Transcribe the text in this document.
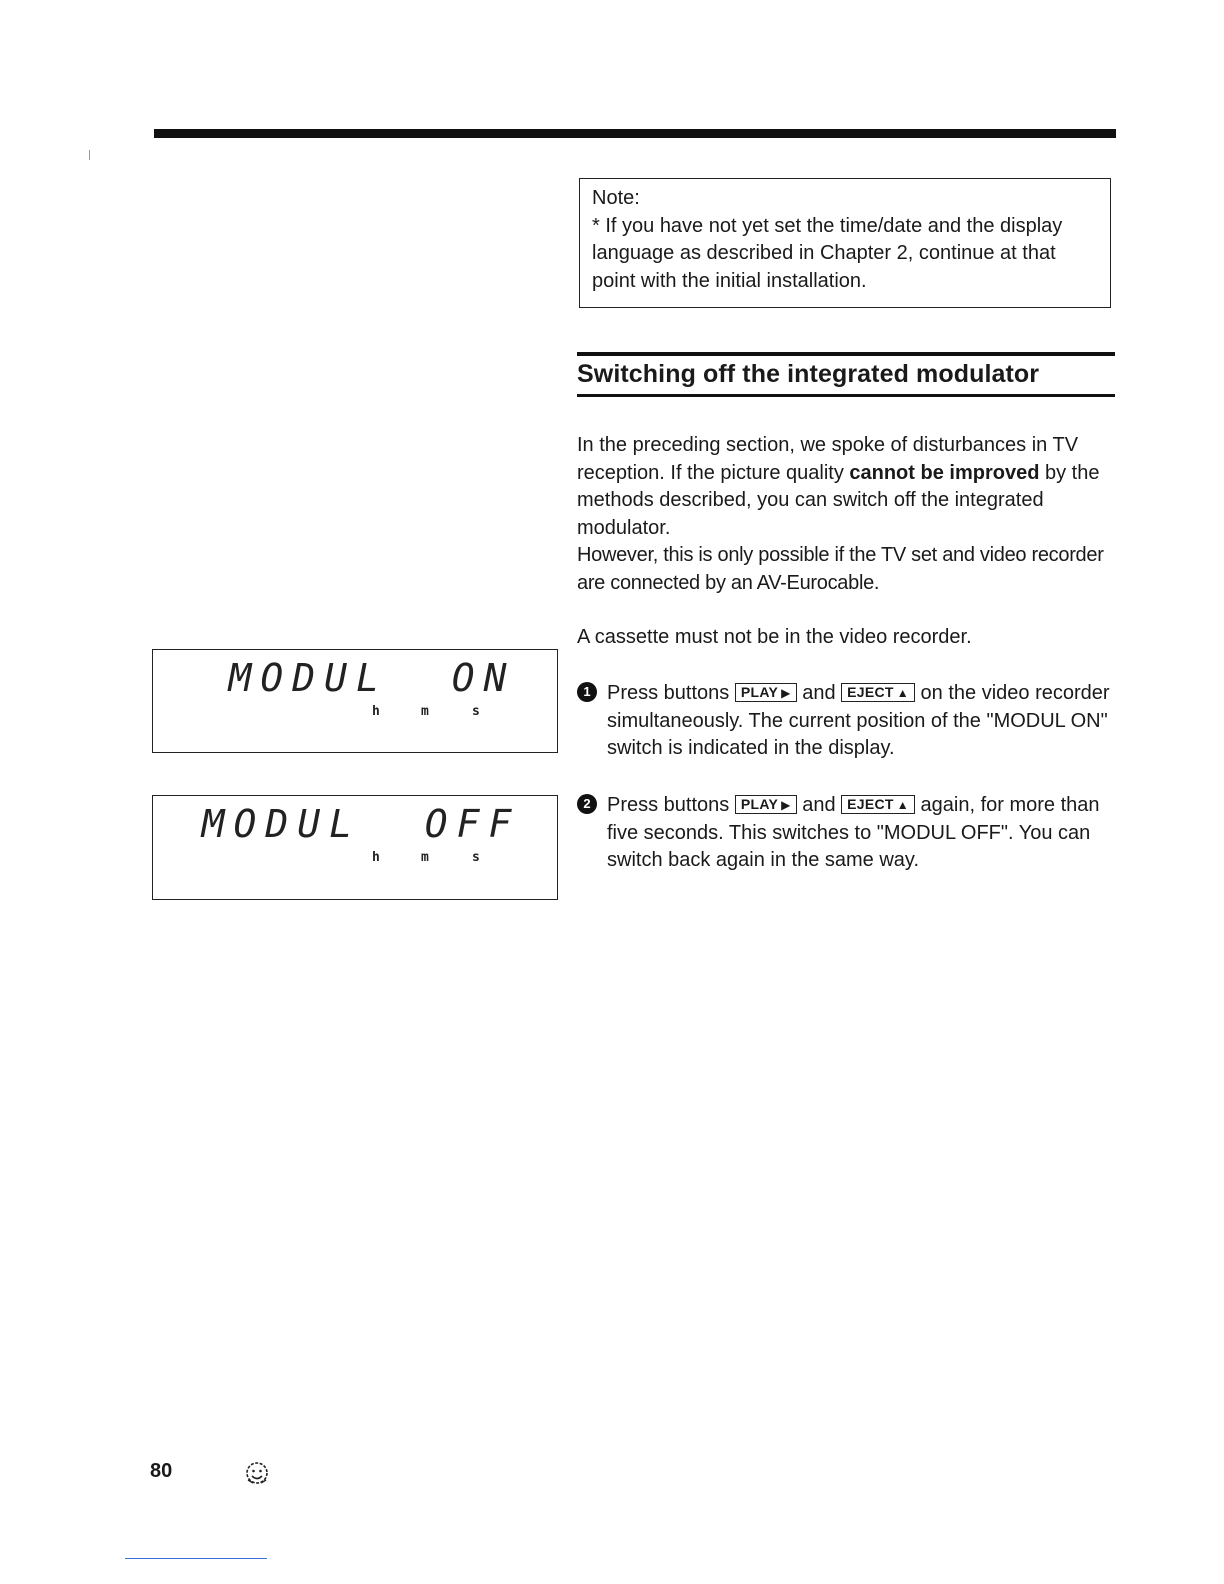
Note:

* If you have not yet set the time/date and the display language as described in Chapter 2, continue at that point with the initial installation.

Switching off the integrated modulator

In the preceding section, we spoke of disturbances in TV reception. If the picture quality cannot be improved by the methods described, you can switch off the integrated modulator.

However, this is only possible if the TV set and video recorder are connected by an AV-Eurocable.

A cassette must not be in the video recorder.
1 Press buttons PLAY ▶ and EJECT ▲ on the video recorder simultaneously. The current position of the "MODUL ON" switch is indicated in the display.
2 Press buttons PLAY ▶ and EJECT ▲ again, for more than five seconds. This switches to "MODUL OFF". You can switch back again in the same way.
MODUL  ON
h	m	s
MODUL  OFF
h	m	s
80
